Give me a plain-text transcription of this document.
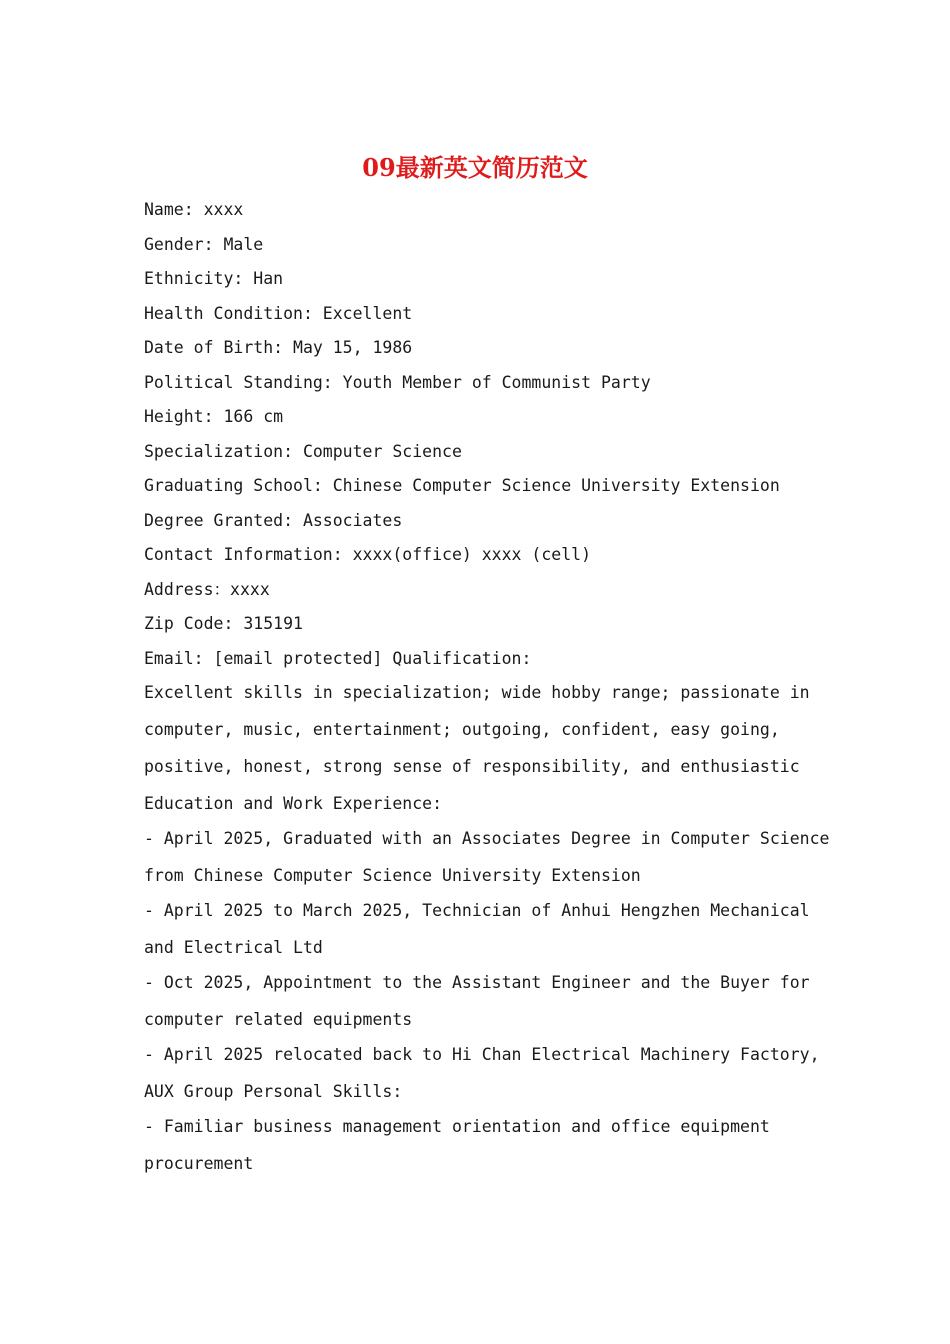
09最新英文简历范文

Name: xxxx

Gender: Male

Ethnicity: Han

Health Condition: Excellent

Date of Birth: May 15, 1986

Political Standing: Youth Member of Communist Party

Height: 166 cm

Specialization: Computer Science

Graduating School: Chinese Computer Science University Extension

Degree Granted: Associates

Contact Information: xxxx(office) xxxx (cell)

Address：xxxx

Zip Code: 315191

Email: [email protected] Qualification:

Excellent skills in specialization; wide hobby range; passionate in
computer, music, entertainment; outgoing, confident, easy going,
positive, honest, strong sense of responsibility, and enthusiastic
Education and Work Experience:
- April 2025, Graduated with an Associates Degree in Computer Science
from Chinese Computer Science University Extension
- April 2025 to March 2025, Technician of Anhui Hengzhen Mechanical
and Electrical Ltd
- Oct 2025, Appointment to the Assistant Engineer and the Buyer for
computer related equipments
- April 2025 relocated back to Hi Chan Electrical Machinery Factory,
AUX Group Personal Skills:
- Familiar business management orientation and office equipment
procurement
